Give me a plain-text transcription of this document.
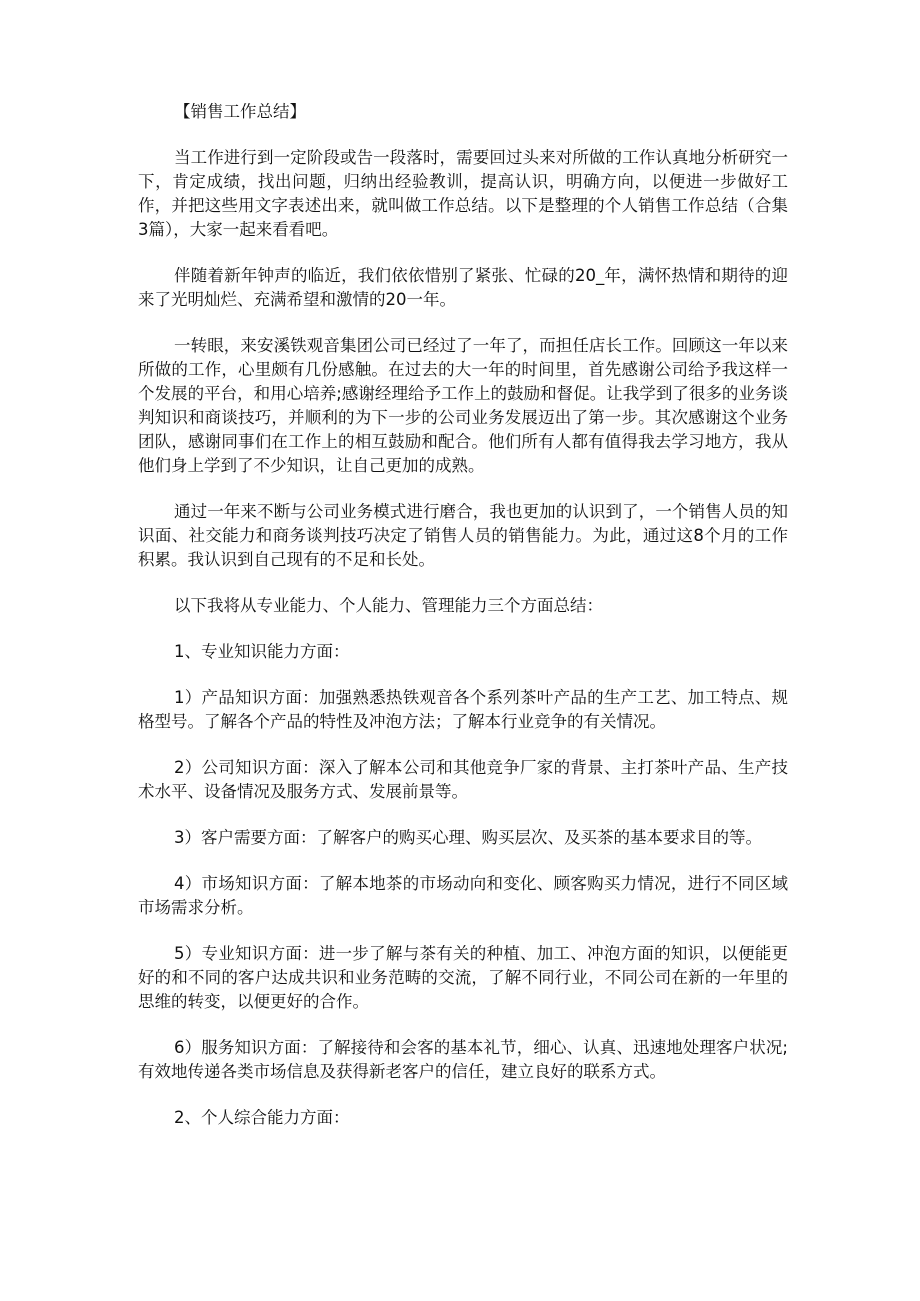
【销售工作总结】

当工作进行到一定阶段或告一段落时，需要回过头来对所做的工作认真地分析研究一下，肯定成绩，找出问题，归纳出经验教训，提高认识，明确方向，以便进一步做好工作，并把这些用文字表述出来，就叫做工作总结。以下是整理的个人销售工作总结（合集3篇），大家一起来看看吧。

伴随着新年钟声的临近，我们依依惜别了紧张、忙碌的20_年，满怀热情和期待的迎来了光明灿烂、充满希望和激情的20一年。

一转眼，来安溪铁观音集团公司已经过了一年了，而担任店长工作。回顾这一年以来所做的工作，心里颇有几份感触。在过去的大一年的时间里，首先感谢公司给予我这样一个发展的平台，和用心培养;感谢经理给予工作上的鼓励和督促。让我学到了很多的业务谈判知识和商谈技巧，并顺利的为下一步的公司业务发展迈出了第一步。其次感谢这个业务团队，感谢同事们在工作上的相互鼓励和配合。他们所有人都有值得我去学习地方，我从他们身上学到了不少知识，让自己更加的成熟。

通过一年来不断与公司业务模式进行磨合，我也更加的认识到了，一个销售人员的知识面、社交能力和商务谈判技巧决定了销售人员的销售能力。为此，通过这8个月的工作积累。我认识到自己现有的不足和长处。

以下我将从专业能力、个人能力、管理能力三个方面总结：

1、专业知识能力方面：

1）产品知识方面：加强熟悉热铁观音各个系列茶叶产品的生产工艺、加工特点、规格型号。了解各个产品的特性及冲泡方法；了解本行业竞争的有关情况。

2）公司知识方面：深入了解本公司和其他竞争厂家的背景、主打茶叶产品、生产技术水平、设备情况及服务方式、发展前景等。

3）客户需要方面：了解客户的购买心理、购买层次、及买茶的基本要求目的等。

4）市场知识方面：了解本地茶的市场动向和变化、顾客购买力情况，进行不同区域市场需求分析。

5）专业知识方面：进一步了解与茶有关的种植、加工、冲泡方面的知识，以便能更好的和不同的客户达成共识和业务范畴的交流，了解不同行业，不同公司在新的一年里的思维的转变，以便更好的合作。

6）服务知识方面：了解接待和会客的基本礼节，细心、认真、迅速地处理客户状况;有效地传递各类市场信息及获得新老客户的信任，建立良好的联系方式。

2、个人综合能力方面：
